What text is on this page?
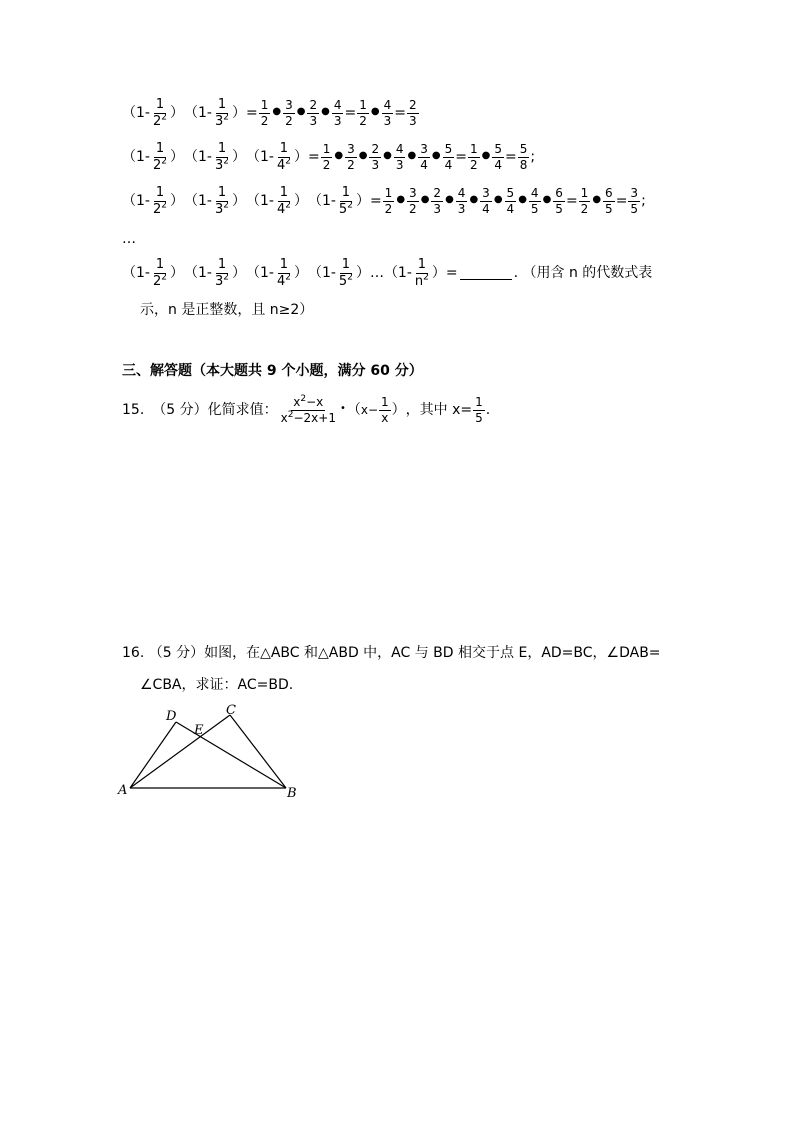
（$1- \frac{1}{2^2}$ ） （$1- \frac{1}{3^2}$ ） = $\frac{1}{2}$ ● $\frac{3}{2}$ ● $\frac{2}{3}$ ● $\frac{4}{3} = \frac{1}{2}$ ● $\frac{4}{3} = \frac{2}{3}$
（$1- \frac{1}{2^2}$ ） （$1- \frac{1}{3^2}$ ） （$1- \frac{1}{4^2}$ ） = $\frac{1}{2}$ ● $\frac{3}{2}$ ● $\frac{2}{3}$ ● $\frac{4}{3}$ ● $\frac{3}{4}$ ● $\frac{5}{4} = \frac{1}{2}$ ● $\frac{5}{4} = \frac{5}{8}$ ;
（$1- \frac{1}{2^2}$ ） （$1- \frac{1}{3^2}$ ） （$1- \frac{1}{4^2}$ ） （$1- \frac{1}{5^2}$ ） = $\frac{1}{2}$ ● $\frac{3}{2}$ ● $\frac{2}{3}$ ● $\frac{4}{3}$ ● $\frac{3}{4}$ ● $\frac{5}{4}$ ● $\frac{4}{5}$ ● $\frac{6}{5} = \frac{1}{2}$ ● $\frac{6}{5} = \frac{3}{5}$ ;
…
（$1- \frac{1}{2^2}$ ） （$1- \frac{1}{3^2}$ ） （$1- \frac{1}{4^2}$ ） （$1- \frac{1}{5^2}$ ） … （$1- \frac{1}{n^2}$ ） =	. （用含 n 的代数式表
示，n 是正整数，且 n≥2）
三、解答题（本大题共 9 个小题，满分 60 分）
15. （5 分）化简求值： $\frac{x^2-x}{x^2-2x+1}$ • （ $x - \frac{1}{x}$ ） ，其中 $x= \frac{1}{5}$ .
16. （5 分）如图，在△ABC 和△ABD 中，AC 与 BD 相交于点 E，AD=BC，∠DAB=
∠CBA，求证：AC=BD.
A	B
C
D
E
